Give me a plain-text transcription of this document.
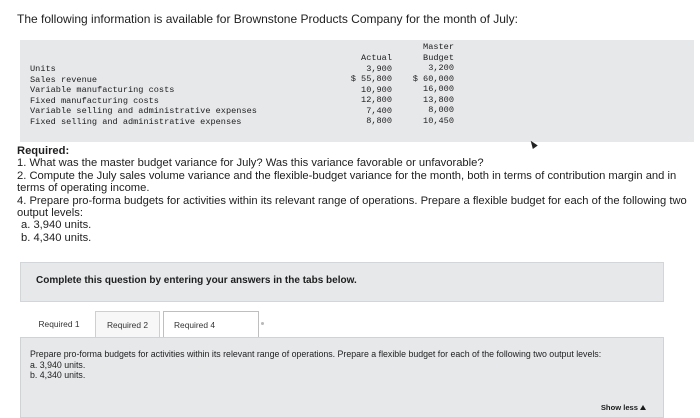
The following information is available for Brownstone Products Company for the month of July:
Units
Sales revenue
Variable manufacturing costs
Fixed manufacturing costs
Variable selling and administrative expenses
Fixed selling and administrative expenses
Actual
3,900
$ 55,800
10,900
12,800
7,400
8,800
Master
Budget
3,200
$ 60,000
16,000
13,800
8,000
10,450
Required:
1. What was the master budget variance for July? Was this variance favorable or unfavorable?
2. Compute the July sales volume variance and the flexible-budget variance for the month, both in terms of contribution margin and in terms of operating income.
4. Prepare pro-forma budgets for activities within its relevant range of operations. Prepare a flexible budget for each of the following two output levels:
a. 3,940 units.
b. 4,340 units.
Complete this question by entering your answers in the tabs below.
Required 1	Required 2	Required 4
Prepare pro-forma budgets for activities within its relevant range of operations. Prepare a flexible budget for each of the following two output levels:
a. 3,940 units.
b. 4,340 units.
Show less
